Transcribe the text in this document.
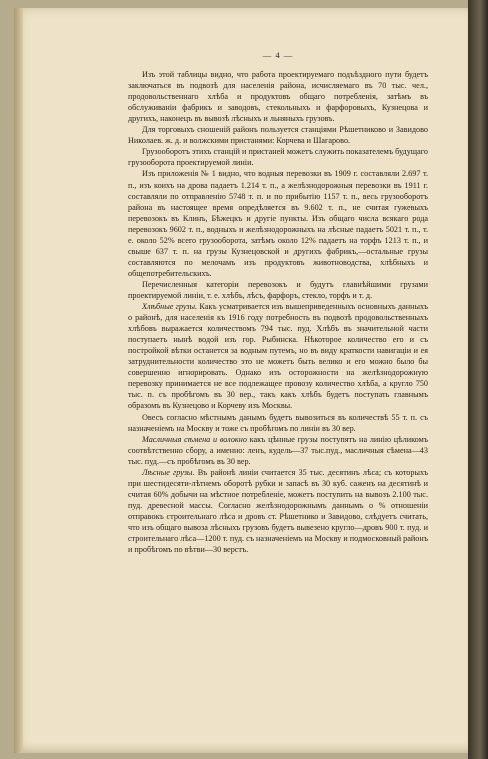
— 4 —

Изъ этой таблицы видно, что работа проектируемаго подъѣздного пути будетъ заключаться въ подвозѣ для населенія района, исчисляемаго въ 70 тыс. чел., продовольственнаго хлѣба и продуктовъ общаго потребленія, затѣмъ въ обслуживаніи фабрикъ и заводовъ, стекольныхъ и фарфоровыхъ, Кузнецова и другихъ, наконецъ въ вывозѣ лѣсныхъ и льняныхъ грузовъ.

Для торговыхъ сношеній районъ пользуется станціями Рѣшетниково и Завидово Николаев. ж. д. и волжскими пристанями: Корчева и Шагарово.

Грузооборотъ этихъ станцій и пристаней можетъ служить показателемъ будущаго грузооборота проектируемой линіи.

Изъ приложенія № 1 видно, что водныя перевозки въ 1909 г. составляли 2.697 т. п., изъ коихъ на дрова падаетъ 1.214 т. п., а желѣзнодорожныя перевозки въ 1911 г. составляли по отправленію 5748 т. п. и по прибытію 1157 т. п., весь грузооборотъ района въ настоящее время опредѣляется въ 9.602 т. п., не считая гужевыхъ перевозокъ въ Клинъ, Бѣжецкъ и другіе пункты. Изъ общаго числа всякаго рода перевозокъ 9602 т. п., водныхъ и желѣзнодорожныхъ на лѣсные падаетъ 5021 т. п., т. е. около 52% всего грузооборота, затѣмъ около 12% падаетъ на торфъ 1213 т. п., и свыше 637 т. п. на грузы Кузнецовской и другихъ фабрикъ,—остальные грузы составляются по мелочамъ изъ продуктовъ животноводства, хлѣбныхъ и общепотребительскихъ.

Перечисленныя категоріи перевозокъ и будутъ главнѣйшими грузами проектируемой линіи, т. е. хлѣбъ, лѣсъ, фарфоръ, стекло, торфъ и т. д.

Хлѣбные грузы. Какъ усматривается изъ вышеприведенныхъ основныхъ данныхъ о районѣ, для населенія къ 1916 году потребность въ подвозѣ продовольственныхъ хлѣбовъ выражается количествомъ 794 тыс. пуд. Хлѣбъ въ значительной части поступаетъ нынѣ водой изъ гор. Рыбинска. Нѣкоторое количество его и съ постройкой вѣтки останется за водным путемъ, но въ виду краткости навигаціи и ея затруднительности количество это не можетъ быть велико и его можно было бы совершенно игнорировать. Однако изъ осторожности на желѣзнодорожную перевозку принимается не все подлежащее провозу количество хлѣба, а кругло 750 тыс. п. съ пробѣгомъ въ 30 вер., такъ какъ хлѣбъ будетъ поступать главнымъ образомъ въ Кузнецово и Корчеву изъ Москвы.

Овесъ согласно мѣстнымъ данымъ будетъ вывозиться въ количествѣ 55 т. п. съ назначеніемъ на Москву и тоже съ пробѣгомъ по линіи въ 30 вер.

Масличныя сѣмена и волокно какъ цѣнные грузы поступятъ на линію цѣликомъ соотвѣтственно сбору, а именно: ленъ, кудель—37 тыс.пуд., масличныя сѣмена—43 тыс. пуд.—съ пробѣгомъ въ 30 вер.

Лѣсные грузы. Въ районѣ линіи считается 35 тыс. десятинъ лѣса; съ которыхъ при шестидесяти-лѣтнемъ оборотѣ рубки и запасѣ въ 30 куб. саженъ на десятинѣ и считая 60% добычи на мѣстное потребленіе, можетъ поступить на вывозъ 2.100 тыс. пуд. древесной массы. Согласно желѣзнодорожнымъ даннымъ о % отношеніи отправокъ строительнаго лѣса и дровъ ст. Рѣшетнико и Завидово, слѣдуетъ считать, что изъ общаго вывоза лѣсныхъ грузовъ будетъ вывезено кругло—дровъ 900 т. пуд. и строительнаго лѣса—1200 т. пуд. съ назначеніемъ на Москву и подмосковный районъ и пробѣгомъ по вѣтви—30 верстъ.
